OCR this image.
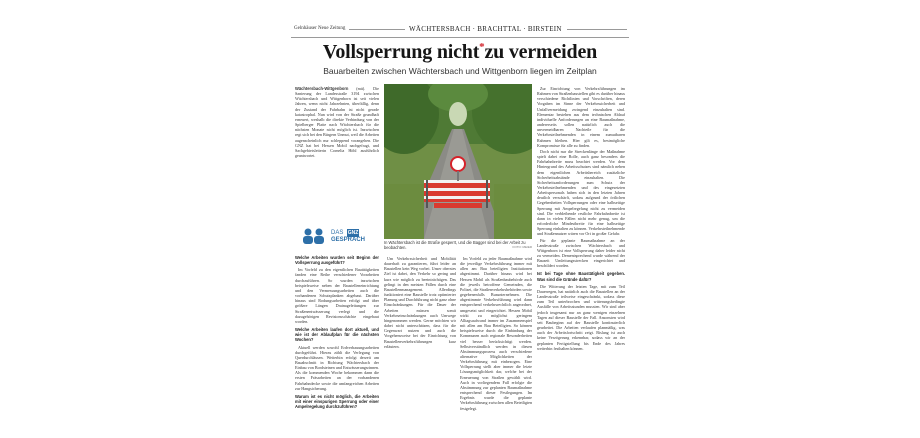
Gelnhäuser Neue Zeitung	WÄCHTERSBACH · BRACHTTAL · BIRSTEIN
Vollsperrung nicht*zu vermeiden
Bauarbeiten zwischen Wächtersbach und Wittgenborn liegen im Zeitplan

Wächtersbach-Wittgenborn (mü). Die Sanierung der Landesstraße 3194 zwischen Wächtersbach und Wittgenborn ist seit vielen Jahren, wenn nicht Jahrzehnten, überfällig, denn der Zustand der Fahrbahn ist nicht gerade katastrophal. Nun wird von der Straße grundhaft erneuert, weshalb die direkte Verbindung von der Spielberger Platte nach Wächtersbach für die nächsten Monate nicht möglich ist. Inzwischen regt sich bei den Bürgern Unmut, weil die Arbeiten augenscheinlich nur schleppend vorangehen. Die GNZ hat bei Hessen Mobil nachgefragt, und Sachgebietsleiterin Cornelia Höhl ausführlich geantwortet.

DAS GNZ
GESPRÄCH

Welche Arbeiten wurden seit Beginn der Vollsperrung ausgeführt?

Im Vorfeld zu den eigentlichen Bautätigkeiten fanden eine Reihe verschiedener Vorarbeiten durchzuführen. So wurden inzwischen beispielsweise neben der Baustelleneinrichtung und den Vermessungsarbeiten auch die vorhandenen Schutzplanken abgebaut. Darüber hinaus sind Rodungsarbeiten erfolgt und über größere Längen Drainageleitungen zur Straßenentwässerung verlegt und die dazugehörigen Revisionsschächte eingebaut worden.

Welche Arbeiten laufen dort aktuell, und wie ist der Ablaufplan für die nächsten Wochen?

Aktuell werden sowohl Erdverbauungsarbeiten durchgeführt. Hierzu zählt die Verlegung von Querdurchlässen. Weiterhin erfolgt derzeit am Bauabschnitt in Richtung Wächtersbach der Einbau von Bordsteinen und Entwässerungsrinnen. Als die kommenden Woche bekommen dann die ersten Fräsarbeiten an der vorhandenen Fahrbahndecke sowie die umfangreichen Arbeiten zur Hangsicherung.

Warum ist es nicht möglich, die Arbeiten mit einer einspurigen Sperrung oder einer Ampelregelung durchzuführen?

In Wächtersbach ist die Straße gesperrt, und die Bagger sind bei der Arbeit zu beobachten.	FOTO: MEIER

Um Verkehrssicherheit und Mobilität dauerhaft zu garantieren, führt leider an Baustellen kein Weg vorbei. Unser oberstes Ziel ist dabei, den Verkehr so gering und kurz wie möglich zu beeinträchtigen. Das gelingt in den meisten Fällen durch eine Baustellenmanagement. Allerdings funktioniert eine Baustelle trotz optimierter Planung und Durchführung nicht ganz ohne Einschränkungen. Für die Dauer der Arbeiten müssen somit Verkehrseinschränkungen auch Umwege hingenommen werden. Gerne möchten wir dabei nicht unterschätzen, dass für die Gegenwart nutzen und auch die Vorgehensweise bei der Einrichtung von Baustellenverkehrsführungen kurz erläutern.

Im Vorfeld zu jeder Baumaßnahme wird die jeweilige Verkehrsführung immer mit allen am Bau beteiligten Institutionen abgestimmt. Darüber hinaus wird bei Hessen Mobil als Straßenbaubehörde auch die jeweils betroffene Gemeinden, die Polizei, die Straßenverkehrsbehörden sowie gegebenenfalls Busunternehmen. Die abgestimmte Verkehrsführung wird dann entsprechend verkehrsrechtlich angeordnet, umgesetzt und eingerichtet. Hessen Mobil wirkt zu möglichst geringem Alltagsaufwand immer im Zusammenspiel mit allen am Bau Beteiligten. So können beispielsweise durch die Einbindung der Kommunen auch regionale Besonderheiten viel besser berücksichtigt werden. Selbstverständlich werden in diesen Abstimmungsprozess auch verschiedene alternative Möglichkeiten der Verkehrsführung mit einbezogen. Eine Vollsperrung stellt aber immer die letzte Lösungsmöglichkeit dar, welche bei der Erneuerung von Straßen gewählt wird. Auch in vorliegendem Fall erfolgte die Abstimmung zur geplanten Baumaßnahme entsprechend dieser Festlegungen. Im Ergebnis wurde die geplante Verkehrsführung zwischen allen Beteiligten festgelegt.

Zur Einrichtung von Verkehrsführungen im Rahmen von Straßenbaustellen gibt es darüber hinaus verschiedene Richtlinien und Vorschriften, deren Vorgaben im Sinne der Verkehrssicherheit und Unfallvermeidung zwingend einzuhalten sind. Elementar bestehen aus dem technischen Ablauf individuelle Anforderungen an eine Baumaßnahme, andererseits sollen natürlich auch die unvermeidbaren Nachteile für die Verkehrsteilnehmenden in einem zumutbaren Rahmen bleiben. Hier gilt es, bestmögliche Kompromisse für alle zu finden.

Doch nicht nur die Streckenlänge der Maßnahme spielt dabei eine Rolle, auch ganz besonders die Fahrbahnbreite muss beachtet werden. Vor dem Hintergrund des Arbeitsschutzes sind nämlich neben dem eigentlichen Arbeitsbereich zusätzliche Sicherheitsabstände einzuhalten. Die Sicherheitsanforderungen zum Schutz der Verkehrsteilnehmenden und des eingesetzten Arbeitspersonals haben sich in den letzten Jahren deutlich verschärft, sodass aufgrund der örtlichen Gegebenheiten Vollsperrungen oder eine halbseitige Sperrung mit Ampelregelung nicht zu vermeiden sind. Die verbleibende restliche Fahrbahnbreite ist dann in vielen Fällen nicht mehr genug, um die erforderliche Mindestbreite für eine halbseitige Sperrung einhalten zu können. Verkehrsteilnehmende und Straßennutzer wären vor Ort in großer Gefahr.

Für die geplante Baumaßnahme an der Landesstraße zwischen Wächtersbach und Wittgenborn ist eine Vollsperrung daher leider nicht zu vermeiden. Dementsprechend wurde während der Bauzeit Umleitungsstrecken eingerichtet und beschildert worden.

Ist bei Tage ohne Baustätigkeit gegeben. Was sind die Gründe dafür?

Die Witterung der letzten Tage, mit zum Teil Dauerregen, hat natürlich auch die Baustellen an der Landesstraße teilweise eingeschränkt, sodass diese zum Teil unterbrochen und witterungsbedingte Ausfälle von Arbeitsstunden mussten. Wir sind aber jedoch insgesamt nur an ganz wenigen einzelnen Tagen auf dieser Baustelle der Fall. Ansonsten wird seit Baubeginn auf der Baustelle kontinuierlich gearbeitet. Die Arbeiten verlaufen planmäßig, was auch der Arbeitsfortschritt zeigt. Bislang ist auch keine Verzögerung erkennbar, sodass wir an der geplanten Fertigstellung bis Ende des Jahres weiterhin festhalten können.
